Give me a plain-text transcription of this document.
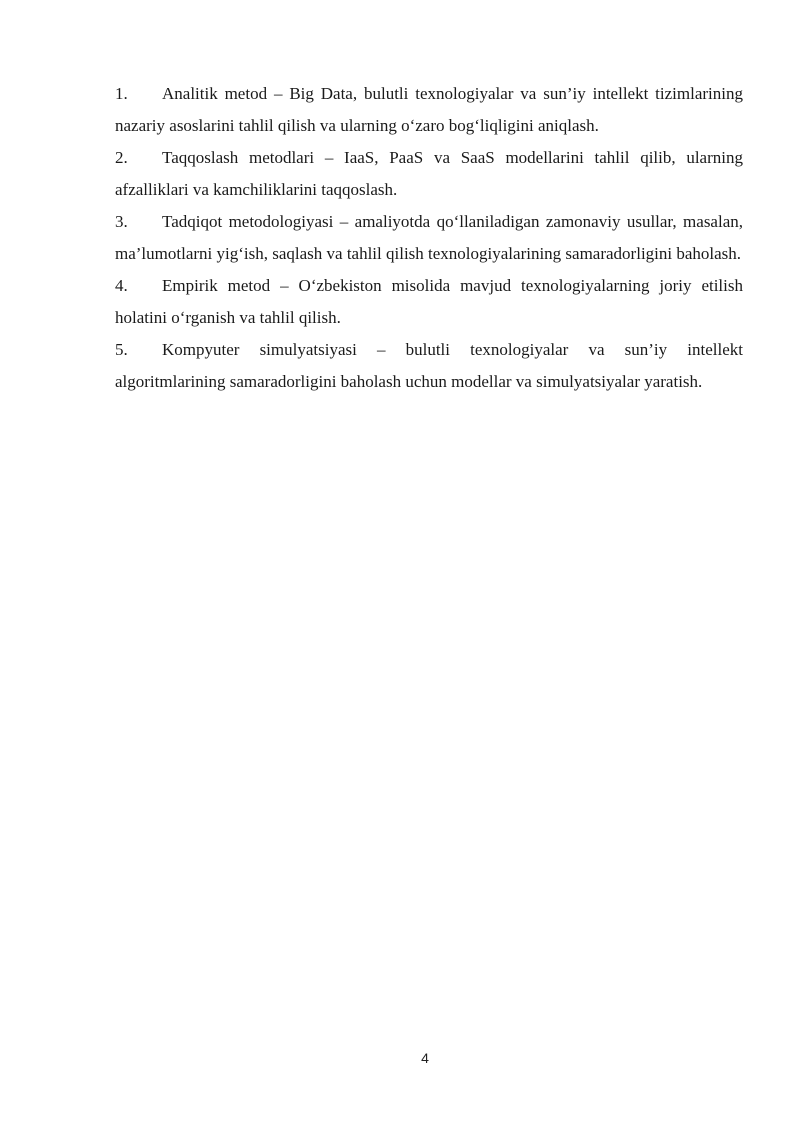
1. Analitik metod – Big Data, bulutli texnologiyalar va sun’iy intellekt tizimlarining nazariy asoslarini tahlil qilish va ularning o‘zaro bog‘liqligini aniqlash.

2. Taqqoslash metodlari – IaaS, PaaS va SaaS modellarini tahlil qilib, ularning afzalliklari va kamchiliklarini taqqoslash.

3. Tadqiqot metodologiyasi – amaliyotda qo‘llaniladigan zamonaviy usullar, masalan, ma’lumotlarni yig‘ish, saqlash va tahlil qilish texnologiyalarining samaradorligini baholash.

4. Empirik metod – O‘zbekiston misolida mavjud texnologiyalarning joriy etilish holatini o‘rganish va tahlil qilish.

5. Kompyuter simulyatsiyasi – bulutli texnologiyalar va sun’iy intellekt algoritmlarining samaradorligini baholash uchun modellar va simulyatsiyalar yaratish.

4
